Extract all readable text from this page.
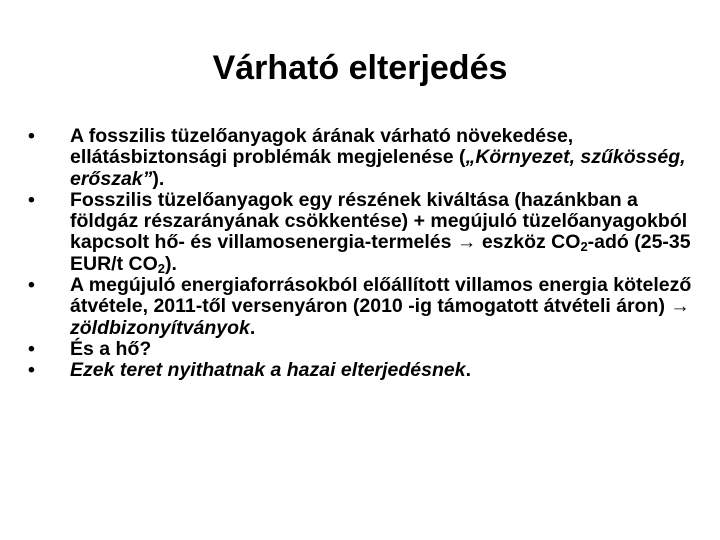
Várható elterjedés
•	A fosszilis tüzelőanyagok árának várható növekedése, ellátásbiztonsági problémák megjelenése („Környezet, szűkösség, erőszak”).
•	Fosszilis tüzelőanyagok egy részének kiváltása (hazánkban a földgáz részarányának csökkentése) + megújuló tüzelőanyagokból kapcsolt hő- és villamosenergia-termelés → eszköz $CO_2$-adó (25-35 EUR/t $CO_2$).
•	A megújuló energiaforrásokból előállított villamos energia kötelező átvétele, 2011-től versenyáron (2010 -ig támogatott átvételi áron) → zöldbizonyítványok.
•	És a hő?
•	Ezek teret nyithatnak a hazai elterjedésnek.
